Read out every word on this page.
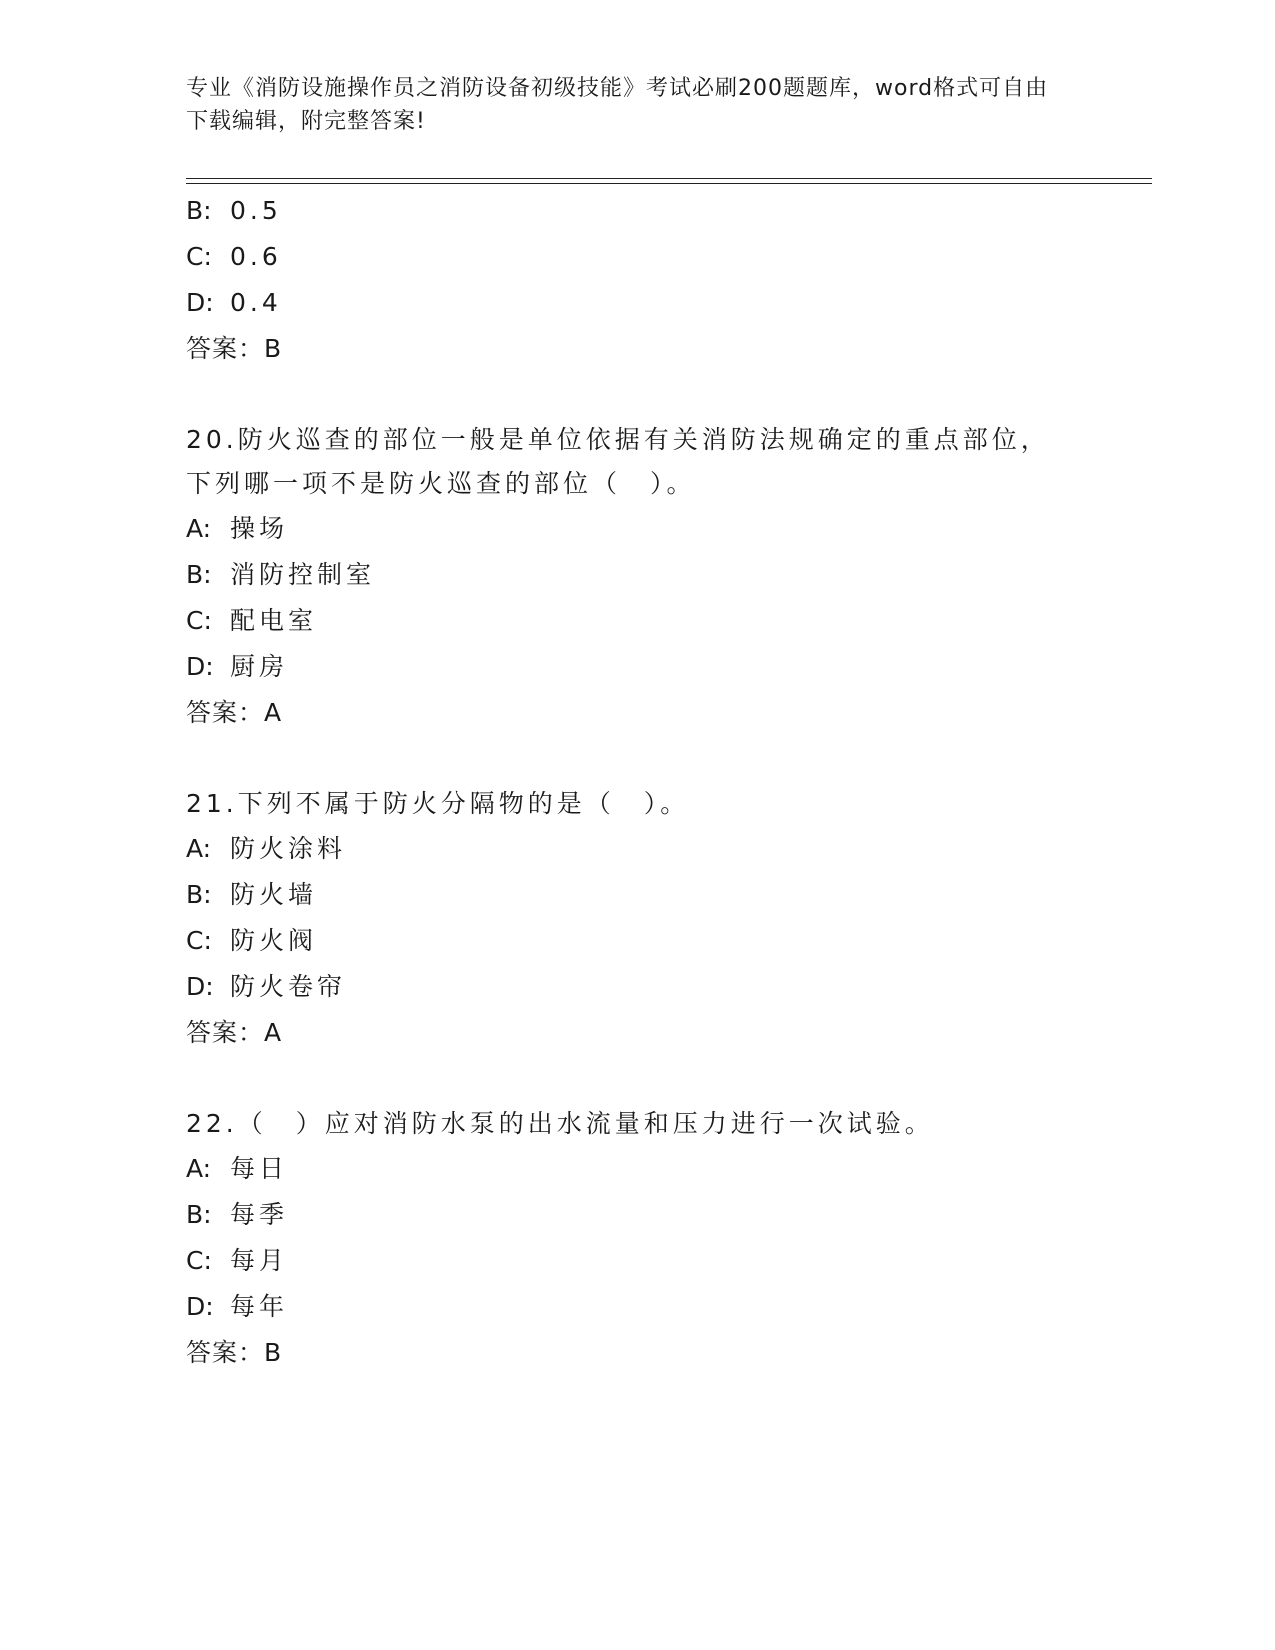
专业《消防设施操作员之消防设备初级技能》考试必刷200题题库，word格式可自由下载编辑，附完整答案!
B: 0.5
C: 0.6
D: 0.4
答案：B
20.防火巡查的部位一般是单位依据有关消防法规确定的重点部位，下列哪一项不是防火巡查的部位（　）。
A: 操场
B: 消防控制室
C: 配电室
D: 厨房
答案：A
21.下列不属于防火分隔物的是（　）。
A: 防火涂料
B: 防火墙
C: 防火阀
D: 防火卷帘
答案：A
22.（　）应对消防水泵的出水流量和压力进行一次试验。
A: 每日
B: 每季
C: 每月
D: 每年
答案：B
